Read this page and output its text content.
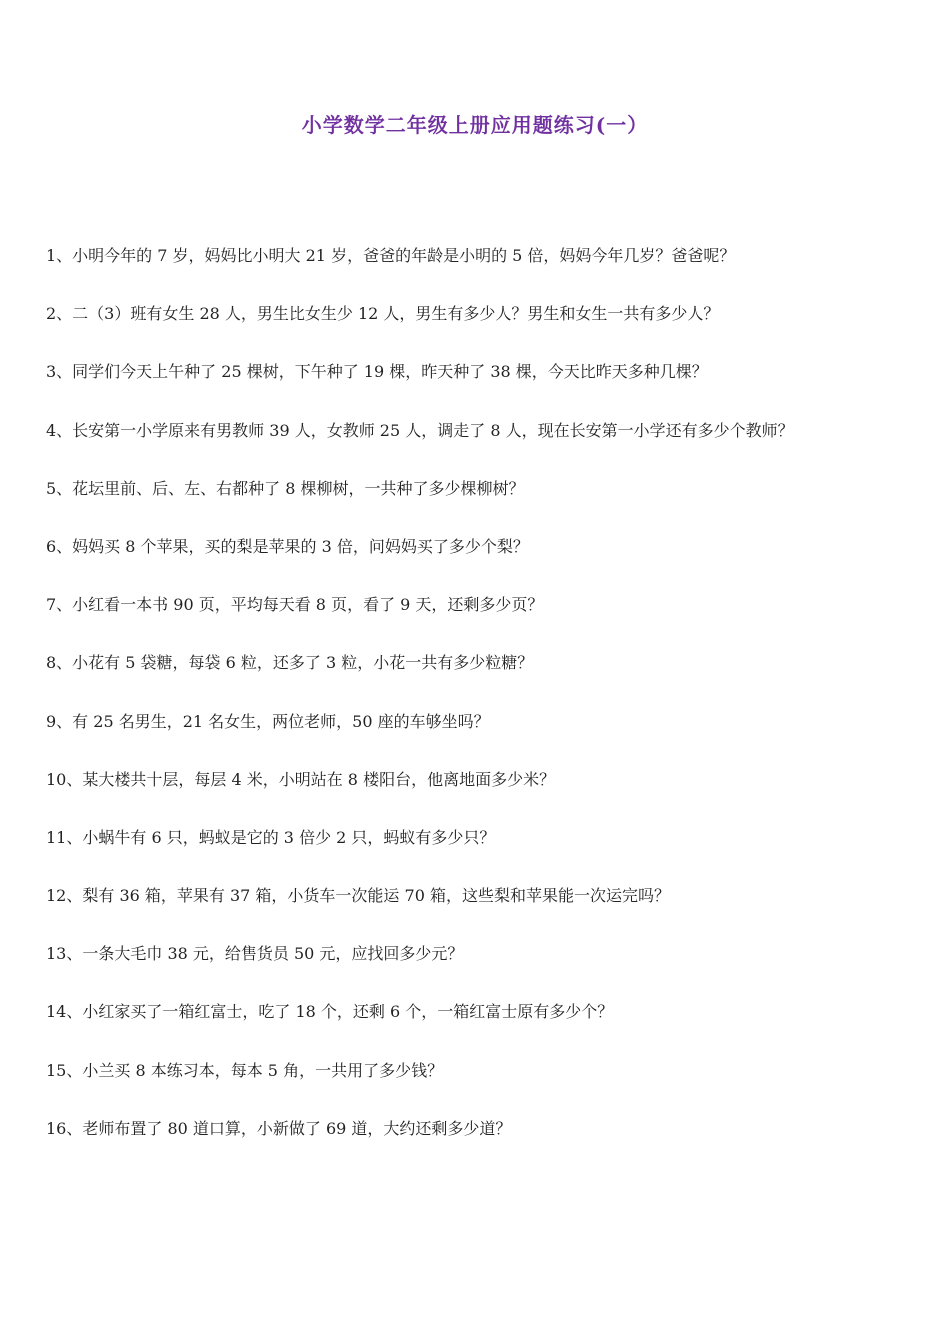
小学数学二年级上册应用题练习(一）
1、小明今年的 7 岁，妈妈比小明大 21 岁，爸爸的年龄是小明的 5 倍，妈妈今年几岁？爸爸呢？
2、二（3）班有女生 28 人，男生比女生少 12 人，男生有多少人？男生和女生一共有多少人？
3、同学们今天上午种了 25 棵树，下午种了 19 棵，昨天种了 38 棵，今天比昨天多种几棵？
4、长安第一小学原来有男教师 39 人，女教师 25 人，调走了 8 人，现在长安第一小学还有多少个教师？
5、花坛里前、后、左、右都种了 8 棵柳树，一共种了多少棵柳树？
6、妈妈买 8 个苹果，买的梨是苹果的 3 倍，问妈妈买了多少个梨？
7、小红看一本书 90 页，平均每天看 8 页，看了 9 天，还剩多少页？
8、小花有 5 袋糖，每袋 6 粒，还多了 3 粒，小花一共有多少粒糖？
9、有 25 名男生，21 名女生，两位老师，50 座的车够坐吗？
10、某大楼共十层，每层 4 米，小明站在 8 楼阳台，他离地面多少米？
11、小蜗牛有 6 只，蚂蚁是它的 3 倍少 2 只，蚂蚁有多少只？
12、梨有 36 箱，苹果有 37 箱，小货车一次能运 70 箱，这些梨和苹果能一次运完吗？
13、一条大毛巾 38 元，给售货员 50 元，应找回多少元？
14、小红家买了一箱红富士，吃了 18 个，还剩 6 个，一箱红富士原有多少个？
15、小兰买 8 本练习本，每本 5 角，一共用了多少钱？
16、老师布置了 80 道口算，小新做了 69 道，大约还剩多少道？
